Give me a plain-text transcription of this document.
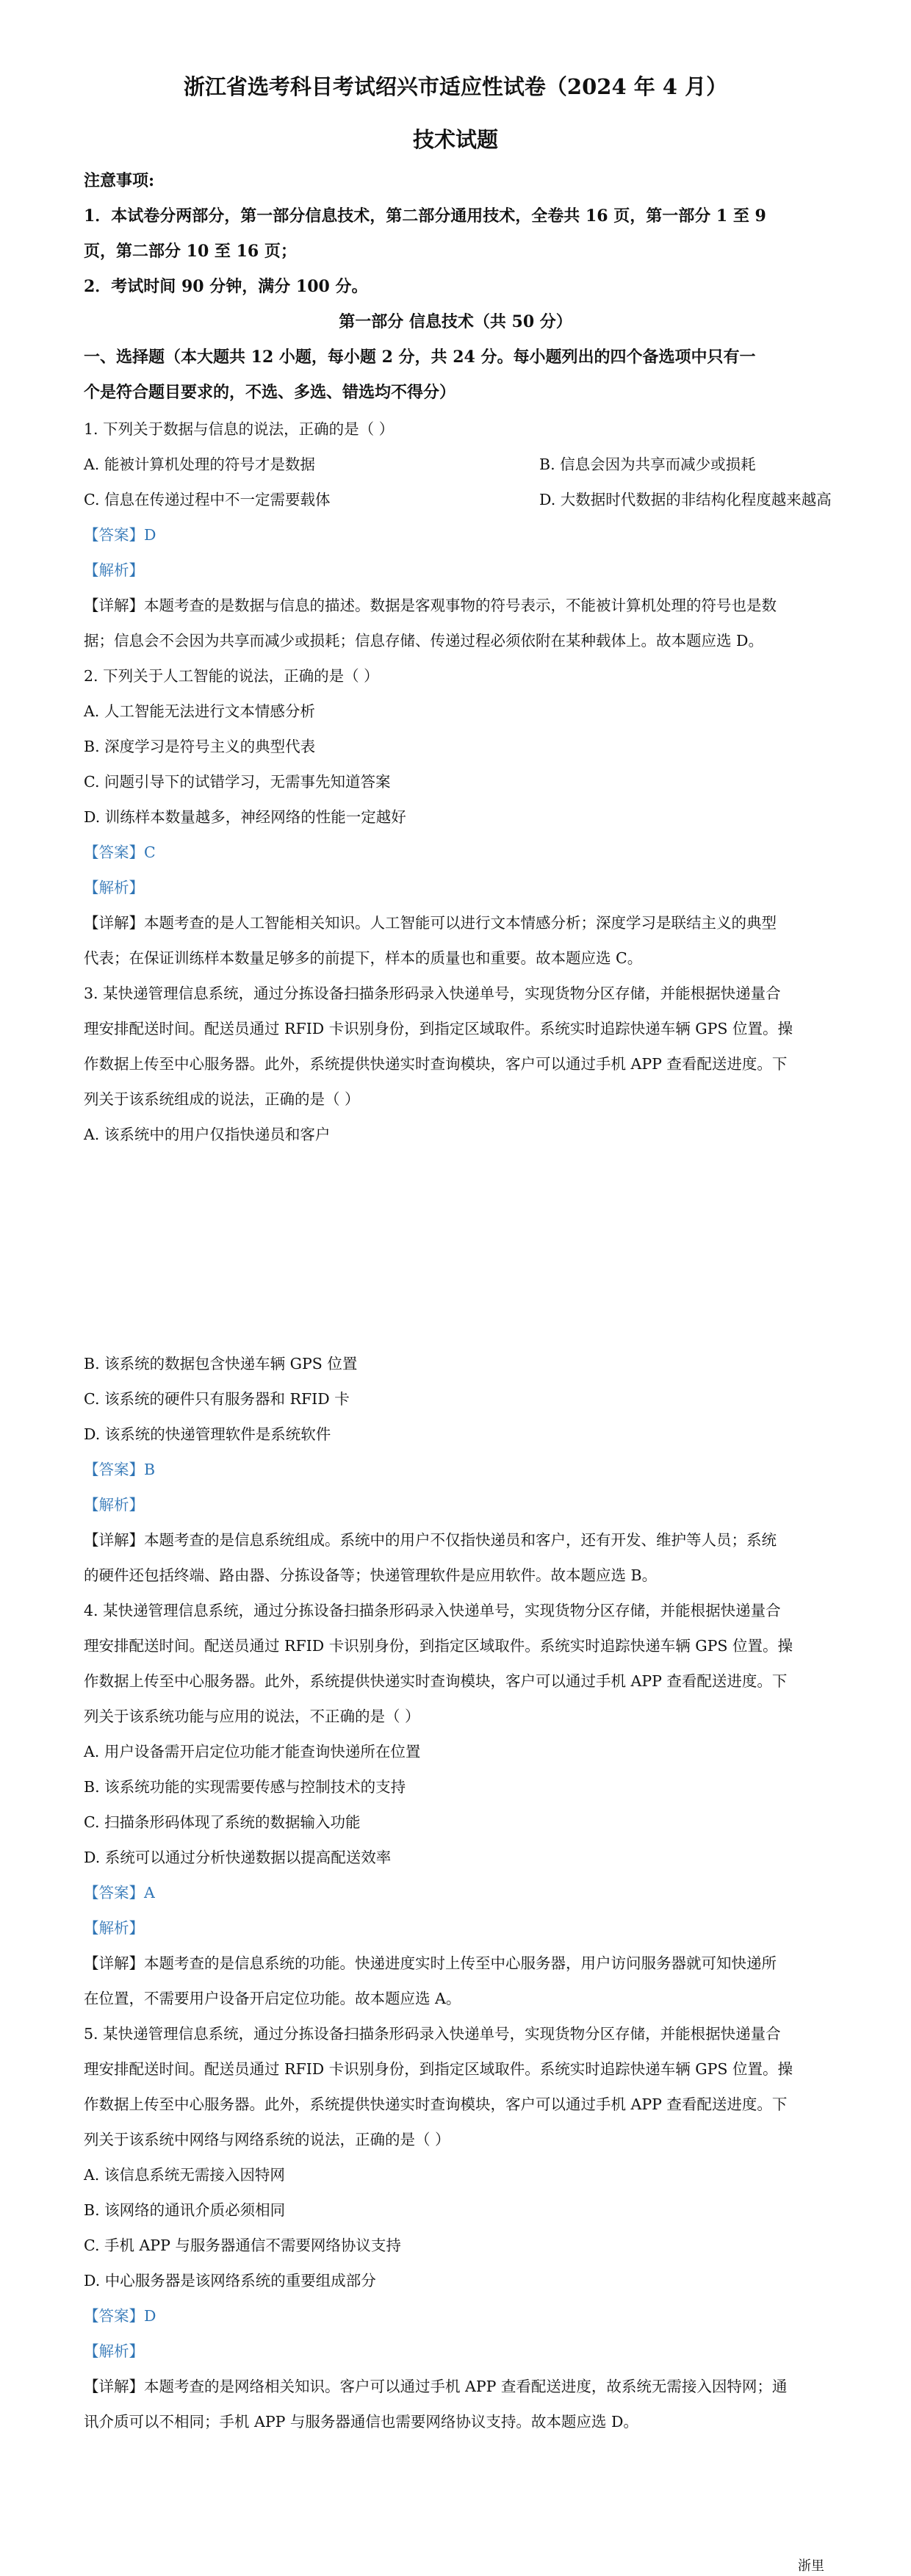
浙江省选考科目考试绍兴市适应性试卷（2024 年 4 月）
技术试题
注意事项:
1．本试卷分两部分，第一部分信息技术，第二部分通用技术，全卷共 16 页，第一部分 1 至 9
页，第二部分 10 至 16 页；
2．考试时间 90 分钟，满分 100 分。
第一部分 信息技术（共 50 分）
一、选择题（本大题共 12 小题，每小题 2 分，共 24 分。每小题列出的四个备选项中只有一
个是符合题目要求的，不选、多选、错选均不得分）
1. 下列关于数据与信息的说法，正确的是（ ）
A. 能被计算机处理的符号才是数据	B. 信息会因为共享而减少或损耗
C. 信息在传递过程中不一定需要载体	D. 大数据时代数据的非结构化程度越来越高
【答案】D
【解析】
【详解】本题考查的是数据与信息的描述。数据是客观事物的符号表示，不能被计算机处理的符号也是数
据；信息会不会因为共享而减少或损耗；信息存储、传递过程必须依附在某种载体上。故本题应选 D。
2. 下列关于人工智能的说法，正确的是（ ）
A. 人工智能无法进行文本情感分析
B. 深度学习是符号主义的典型代表
C. 问题引导下的试错学习，无需事先知道答案
D. 训练样本数量越多，神经网络的性能一定越好
【答案】C
【解析】
【详解】本题考查的是人工智能相关知识。人工智能可以进行文本情感分析；深度学习是联结主义的典型
代表；在保证训练样本数量足够多的前提下，样本的质量也和重要。故本题应选 C。
3. 某快递管理信息系统，通过分拣设备扫描条形码录入快递单号，实现货物分区存储，并能根据快递量合
理安排配送时间。配送员通过 RFID 卡识别身份，到指定区域取件。系统实时追踪快递车辆 GPS 位置。操
作数据上传至中心服务器。此外，系统提供快递实时查询模块，客户可以通过手机 APP 查看配送进度。下
列关于该系统组成的说法，正确的是（ ）
A. 该系统中的用户仅指快递员和客户
B. 该系统的数据包含快递车辆 GPS 位置
C. 该系统的硬件只有服务器和 RFID 卡
D. 该系统的快递管理软件是系统软件
【答案】B
【解析】
【详解】本题考查的是信息系统组成。系统中的用户不仅指快递员和客户，还有开发、维护等人员；系统
的硬件还包括终端、路由器、分拣设备等；快递管理软件是应用软件。故本题应选 B。
4. 某快递管理信息系统，通过分拣设备扫描条形码录入快递单号，实现货物分区存储，并能根据快递量合
理安排配送时间。配送员通过 RFID 卡识别身份，到指定区域取件。系统实时追踪快递车辆 GPS 位置。操
作数据上传至中心服务器。此外，系统提供快递实时查询模块，客户可以通过手机 APP 查看配送进度。下
列关于该系统功能与应用的说法，不正确的是（ ）
A. 用户设备需开启定位功能才能查询快递所在位置
B. 该系统功能的实现需要传感与控制技术的支持
C. 扫描条形码体现了系统的数据输入功能
D. 系统可以通过分析快递数据以提高配送效率
【答案】A
【解析】
【详解】本题考查的是信息系统的功能。快递进度实时上传至中心服务器，用户访问服务器就可知快递所
在位置，不需要用户设备开启定位功能。故本题应选 A。
5. 某快递管理信息系统，通过分拣设备扫描条形码录入快递单号，实现货物分区存储，并能根据快递量合
理安排配送时间。配送员通过 RFID 卡识别身份，到指定区域取件。系统实时追踪快递车辆 GPS 位置。操
作数据上传至中心服务器。此外，系统提供快递实时查询模块，客户可以通过手机 APP 查看配送进度。下
列关于该系统中网络与网络系统的说法，正确的是（ ）
A. 该信息系统无需接入因特网
B. 该网络的通讯介质必须相同
C. 手机 APP 与服务器通信不需要网络协议支持
D. 中心服务器是该网络系统的重要组成部分
【答案】D
【解析】
【详解】本题考查的是网络相关知识。客户可以通过手机 APP 查看配送进度，故系统无需接入因特网；通
讯介质可以不相同；手机 APP 与服务器通信也需要网络协议支持。故本题应选 D。
浙里
